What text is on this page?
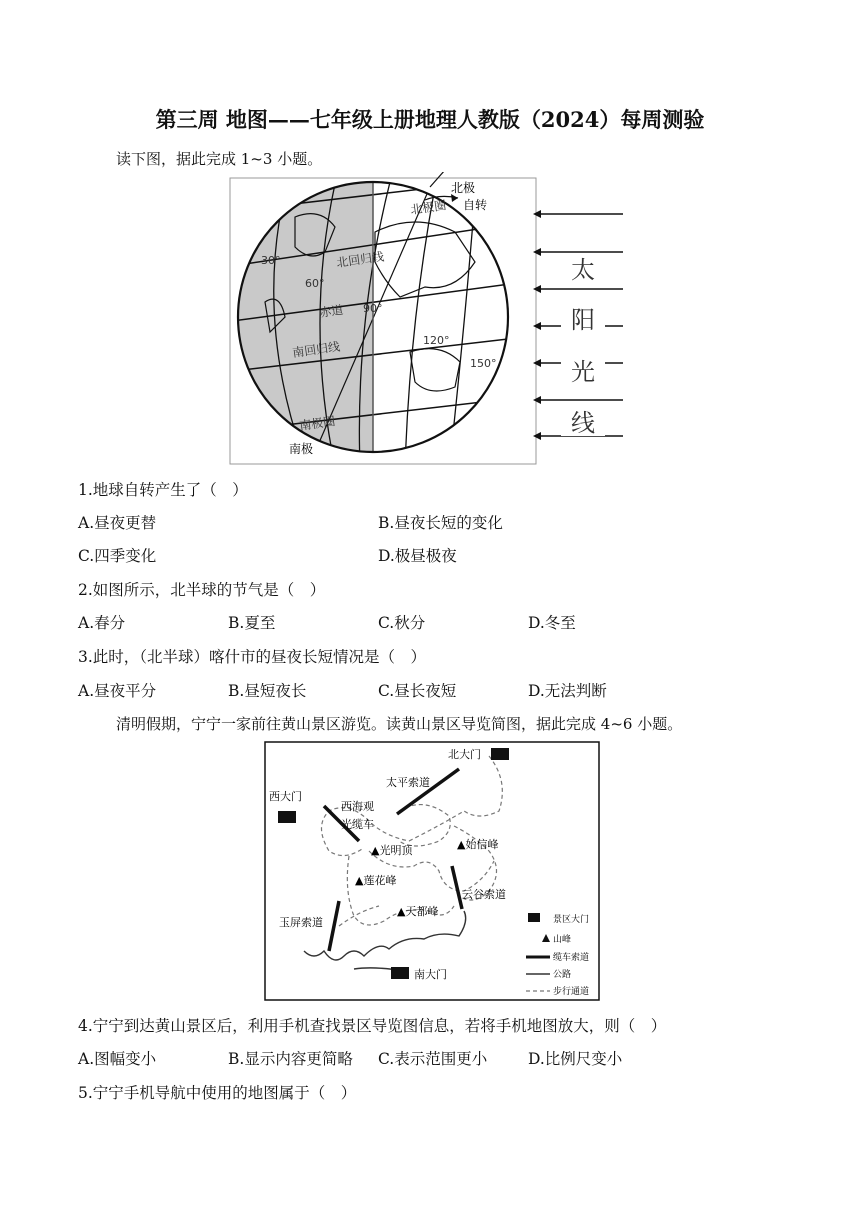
第三周 地图——七年级上册地理人教版（2024）每周测验
读下图，据此完成 1~3 小题。
北极
自转
北极圈
北回归线
赤道
南回归线
南极圈
南极
30°
60°
90°
120°
150°
太
阳
光
线
1.地球自转产生了（　）
A.昼夜更替	B.昼夜长短的变化
C.四季变化	D.极昼极夜
2.如图所示，北半球的节气是（　）
A.春分	B.夏至	C.秋分	D.冬至
3.此时，（北半球）喀什市的昼夜长短情况是（　）
A.昼夜平分	B.昼短夜长	C.昼长夜短	D.无法判断
清明假期，宁宁一家前往黄山景区游览。读黄山景区导览简图，据此完成 4~6 小题。
北大门
西大门
南大门
太平索道
西海观
光缆车
▲始信峰
▲光明顶
▲莲花峰
云谷索道
▲天都峰
玉屏索道	景区大门
山峰
缆车索道
公路
步行通道
4.宁宁到达黄山景区后，利用手机查找景区导览图信息，若将手机地图放大，则（　）
A.图幅变小	B.显示内容更简略 C.表示范围更小	D.比例尺变小
5.宁宁手机导航中使用的地图属于（　）
